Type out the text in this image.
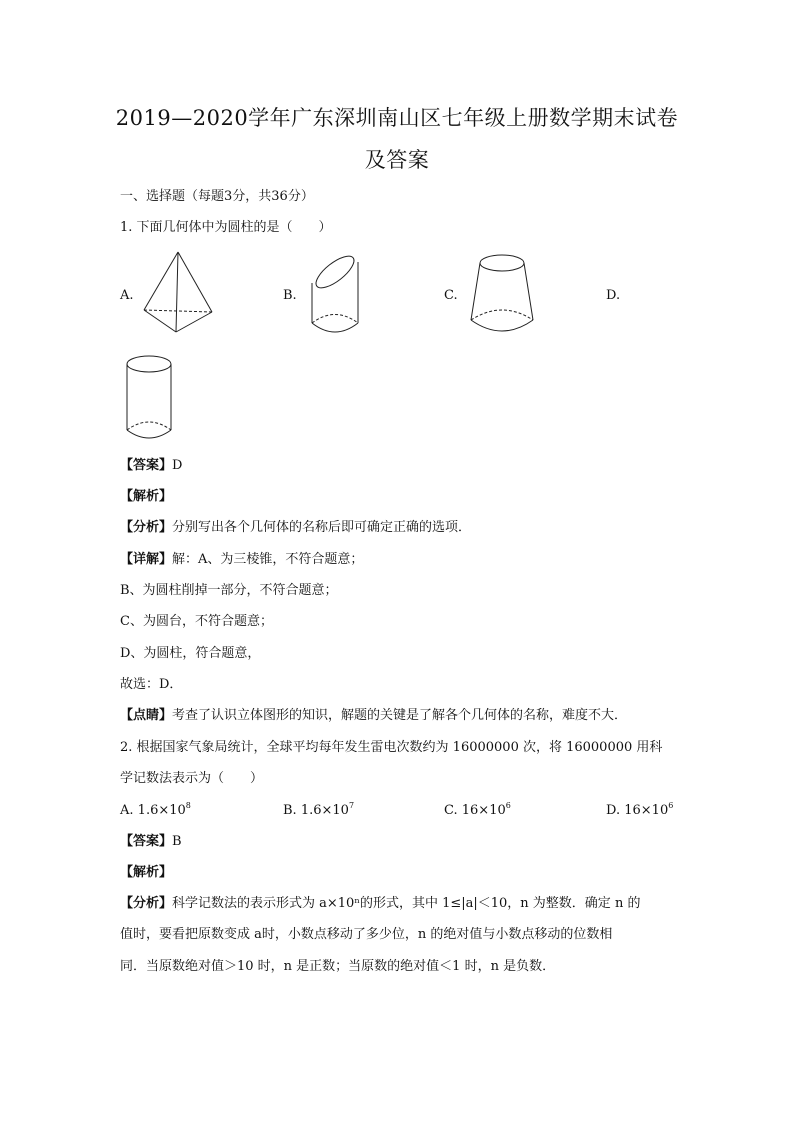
2019—2020学年广东深圳南山区七年级上册数学期末试卷
及答案
一、选择题（每题3分，共36分）
1. 下面几何体中为圆柱的是（　　）
A.	B.	C.	D.
【答案】D
【解析】
【分析】分别写出各个几何体的名称后即可确定正确的选项．
【详解】解：A、为三棱锥，不符合题意；
B、为圆柱削掉一部分，不符合题意；
C、为圆台，不符合题意；
D、为圆柱，符合题意，
故选：D．
【点睛】考查了认识立体图形的知识，解题的关键是了解各个几何体的名称，难度不大．
2. 根据国家气象局统计，全球平均每年发生雷电次数约为 16000000 次，将 16000000 用科
学记数法表示为（　　）
A. $1.6\times 10^8$	B. $1.6\times 10^7$	C. $16\times 10^6$	D. $16\times 10^6$
【答案】B
【解析】
【分析】科学记数法的表示形式为 a×10ⁿ的形式，其中 1≤|a|＜10，n 为整数．确定 n 的
值时，要看把原数变成 a时，小数点移动了多少位，n 的绝对值与小数点移动的位数相
同．当原数绝对值＞10 时，n 是正数；当原数的绝对值＜1 时，n 是负数．
